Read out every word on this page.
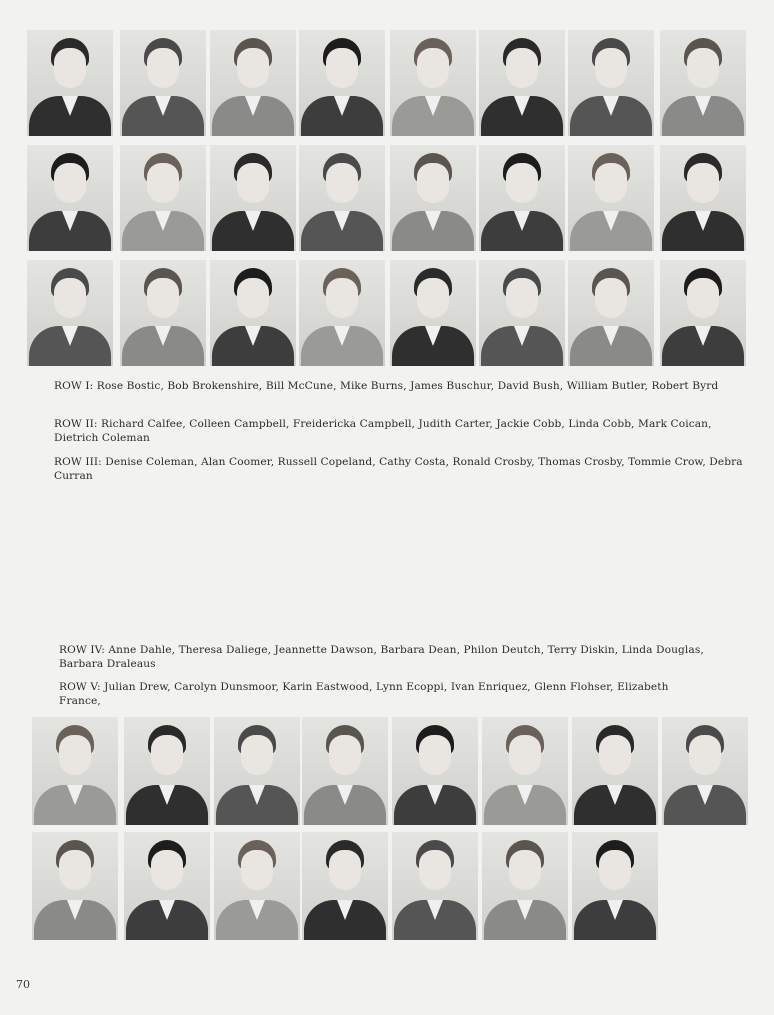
ROW I: Rose Bostic, Bob Brokenshire, Bill McCune, Mike Burns, James Buschur, David Bush, William Butler, Robert Byrd
ROW II: Richard Calfee, Colleen Campbell, Freidericka Campbell, Judith Carter, Jackie Cobb, Linda Cobb, Mark Coican, Dietrich Coleman
ROW III: Denise Coleman, Alan Coomer, Russell Copeland, Cathy Costa, Ronald Crosby, Thomas Crosby, Tommie Crow, Debra Curran
ROW IV: Anne Dahle, Theresa Daliege, Jeannette Dawson, Barbara Dean, Philon Deutch, Terry Diskin, Linda Douglas, Barbara Draleaus
ROW V: Julian Drew, Carolyn Dunsmoor, Karin Eastwood, Lynn Ecoppi, Ivan Enriquez, Glenn Flohser, Elizabeth France,
70
